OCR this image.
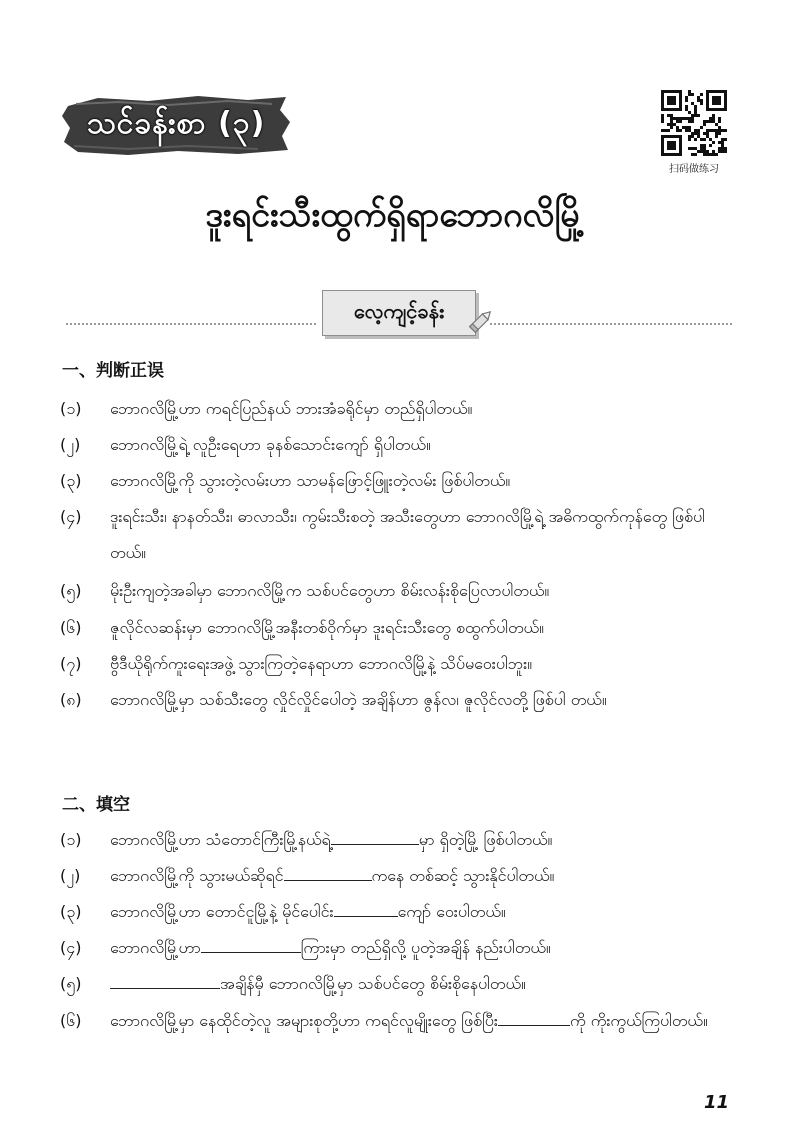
သင်ခန်းစာ (၃)
扫码做练习
ဒူးရင်းသီးထွက်ရှိရာဘောဂလိမြို့
လေ့ကျင့်ခန်း
一、判断正误
(၁)	ဘောဂလိမြို့ဟာ ကရင်ပြည်နယ် ဘားအံခရိုင်မှာ တည်ရှိပါတယ်။
(၂)	ဘောဂလိမြို့ရဲ့ လူဦးရေဟာ ခုနစ်သောင်းကျော် ရှိပါတယ်။
(၃)	ဘောဂလိမြို့ကို သွားတဲ့လမ်းဟာ သာမန်ဖြောင့်ဖြူးတဲ့လမ်း ဖြစ်ပါတယ်။
(၄)	ဒူးရင်းသီး၊ နာနတ်သီး၊ ဓာလာသီး၊ ကွမ်းသီးစတဲ့ အသီးတွေဟာ ဘောဂလိမြို့ရဲ့ အဓိကထွက်ကုန်တွေ ဖြစ်ပါတယ်။
(၅)	မိုးဦးကျတဲ့အခါမှာ ဘောဂလိမြို့က သစ်ပင်တွေဟာ စိမ်းလန်းစိုပြေလာပါတယ်။
(၆)	ဇူလိုင်လဆန်းမှာ ဘောဂလိမြို့အနီးတစ်ဝိုက်မှာ ဒူးရင်းသီးတွေ စထွက်ပါတယ်။
(၇)	ဗွီဒီယိုရိုက်ကူးရေးအဖွဲ့ သွားကြတဲ့နေရာဟာ ဘောဂလိမြို့နဲ့ သိပ်မဝေးပါဘူး။
(၈)	ဘောဂလိမြို့မှာ သစ်သီးတွေ လှိုင်လှိုင်ပေါတဲ့ အချိန်ဟာ ဇွန်လ၊ ဇူလိုင်လတို့ ဖြစ်ပါ တယ်။
二、填空
(၁)	ဘောဂလိမြို့ဟာ သံတောင်ကြီးမြို့နယ်ရဲ့	မှာ ရှိတဲ့မြို့ ဖြစ်ပါတယ်။
(၂)	ဘောဂလိမြို့ကို သွားမယ်ဆိုရင်	ကနေ တစ်ဆင့် သွားနိုင်ပါတယ်။
(၃)	ဘောဂလိမြို့ဟာ တောင်ငူမြို့နဲ့ မိုင်ပေါင်း	ကျော် ဝေးပါတယ်။
(၄)	ဘောဂလိမြို့ဟာ	ကြားမှာ တည်ရှိလို့ ပူတဲ့အချိန် နည်းပါတယ်။
(၅)	အချိန်မှီ ဘောဂလိမြို့မှာ သစ်ပင်တွေ စိမ်းစိုနေပါတယ်။
(၆)	ဘောဂလိမြို့မှာ နေထိုင်တဲ့လူ အများစုတို့ဟာ ကရင်လူမျိုးတွေ ဖြစ်ပြီး	ကို ကိုးကွယ်ကြပါတယ်။
11
